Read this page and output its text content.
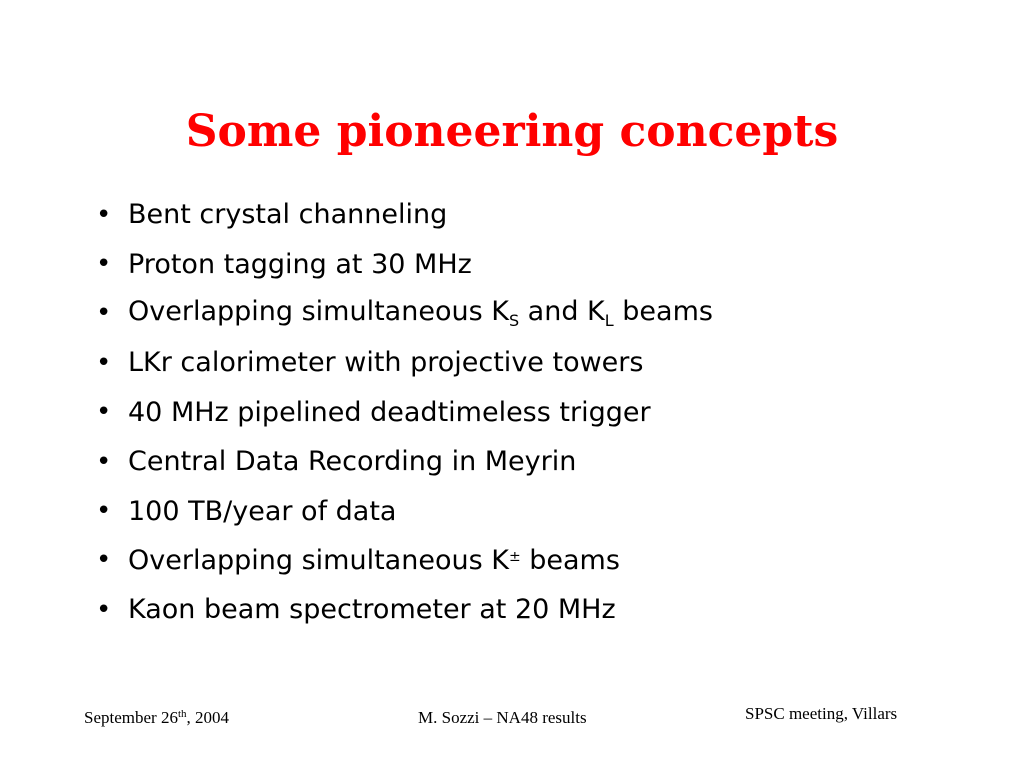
Some pioneering concepts
• Bent crystal channeling
• Proton tagging at 30 MHz
• Overlapping simultaneous $K_S$ and $K_L$ beams
• LKr calorimeter with projective towers
• 40 MHz pipelined deadtimeless trigger
• Central Data Recording in Meyrin
• 100 TB/year of data
• Overlapping simultaneous K± beams
• Kaon beam spectrometer at 20 MHz
September 26th, 2004	M. Sozzi – NA48 results	SPSC meeting, Villars
